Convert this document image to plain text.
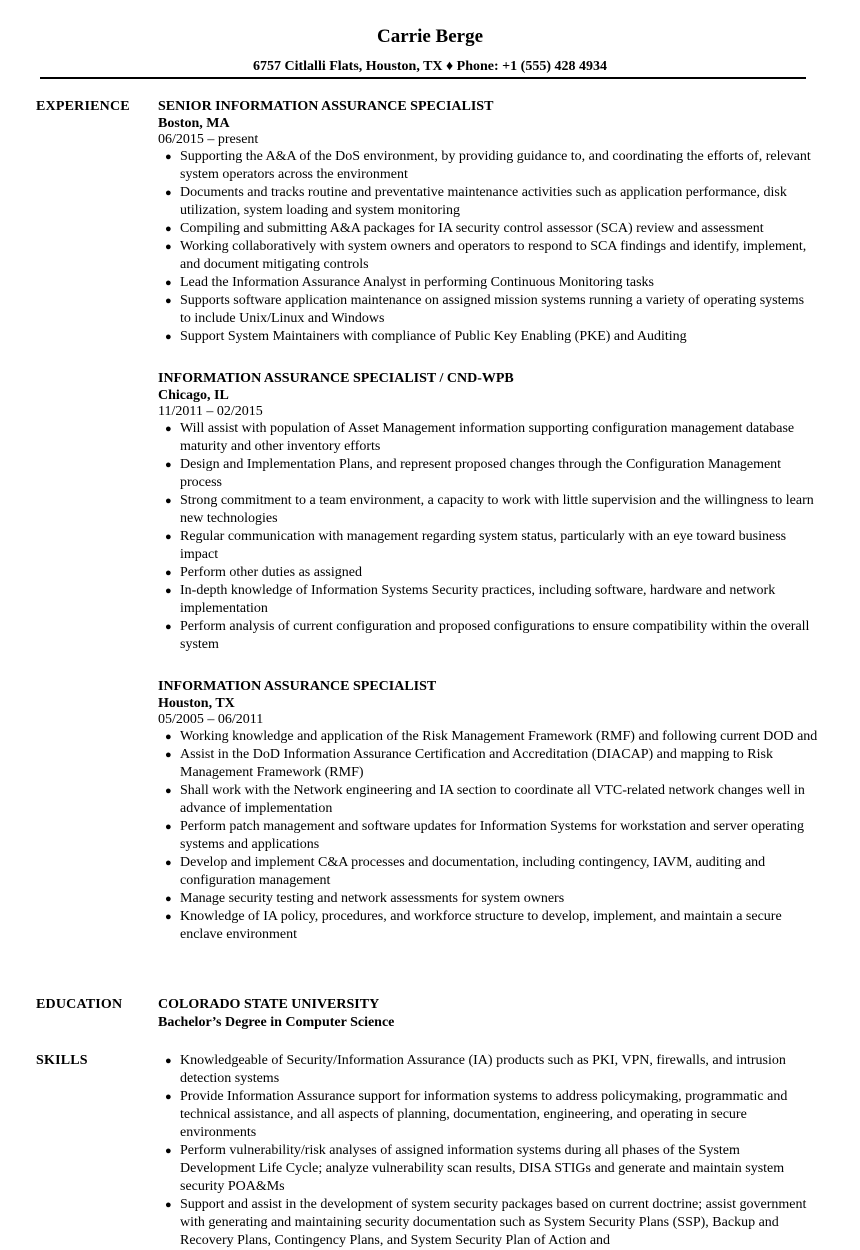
Carrie Berge
6757 Citlalli Flats, Houston, TX ♦ Phone: +1 (555) 428 4934
EXPERIENCE SENIOR INFORMATION ASSURANCE SPECIALIST
Boston, MA
06/2015 – present
● Supporting the A&A of the DoS environment, by providing guidance to, and coordinating the efforts of, relevant system operators across the environment
● Documents and tracks routine and preventative maintenance activities such as application performance, disk utilization, system loading and system monitoring
● Compiling and submitting A&A packages for IA security control assessor (SCA) review and assessment
● Working collaboratively with system owners and operators to respond to SCA findings and identify, implement, and document mitigating controls
● Lead the Information Assurance Analyst in performing Continuous Monitoring tasks
● Supports software application maintenance on assigned mission systems running a variety of operating systems to include Unix/Linux and Windows
● Support System Maintainers with compliance of Public Key Enabling (PKE) and Auditing
INFORMATION ASSURANCE SPECIALIST / CND-WPB
Chicago, IL
11/2011 – 02/2015
● Will assist with population of Asset Management information supporting configuration management database maturity and other inventory efforts
● Design and Implementation Plans, and represent proposed changes through the Configuration Management process
● Strong commitment to a team environment, a capacity to work with little supervision and the willingness to learn new technologies
● Regular communication with management regarding system status, particularly with an eye toward business impact
● Perform other duties as assigned
● In-depth knowledge of Information Systems Security practices, including software, hardware and network implementation
● Perform analysis of current configuration and proposed configurations to ensure compatibility within the overall system
INFORMATION ASSURANCE SPECIALIST
Houston, TX
05/2005 – 06/2011
● Working knowledge and application of the Risk Management Framework (RMF) and following current DOD and
● Assist in the DoD Information Assurance Certification and Accreditation (DIACAP) and mapping to Risk Management Framework (RMF)
● Shall work with the Network engineering and IA section to coordinate all VTC-related network changes well in advance of implementation
● Perform patch management and software updates for Information Systems for workstation and server operating systems and applications
● Develop and implement C&A processes and documentation, including contingency, IAVM, auditing and configuration management
● Manage security testing and network assessments for system owners
● Knowledge of IA policy, procedures, and workforce structure to develop, implement, and maintain a secure enclave environment
EDUCATION	COLORADO STATE UNIVERSITY
Bachelor’s Degree in Computer Science
SKILLS	● Knowledgeable of Security/Information Assurance (IA) products such as PKI, VPN, firewalls, and intrusion detection systems
● Provide Information Assurance support for information systems to address policymaking, programmatic and technical assistance, and all aspects of planning, documentation, engineering, and operating in secure environments
● Perform vulnerability/risk analyses of assigned information systems during all phases of the System Development Life Cycle; analyze vulnerability scan results, DISA STIGs and generate and maintain system security POA&Ms
● Support and assist in the development of system security packages based on current doctrine; assist government with generating and maintaining security documentation such as System Security Plans (SSP), Backup and Recovery Plans, Contingency Plans, and System Security Plan of Action and
